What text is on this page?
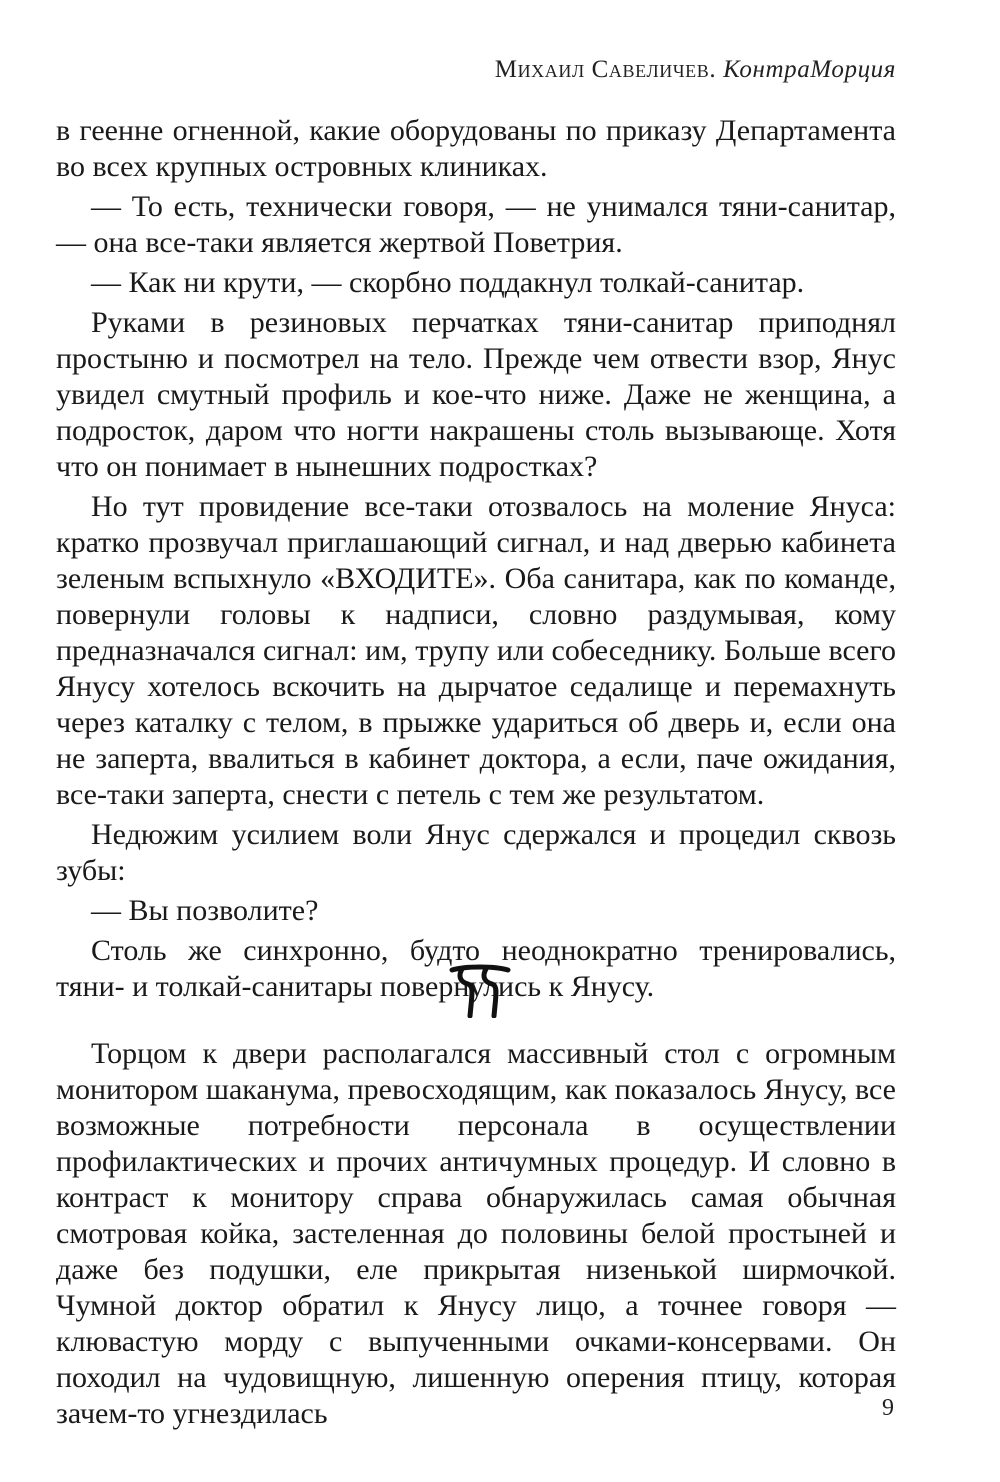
Михаил Савеличев. КонтраМорция

в геенне огненной, какие оборудованы по приказу Департамента во всех крупных островных клиниках.

— То есть, технически говоря, — не унимался тяни-санитар, — она все-таки является жертвой Поветрия.

— Как ни крути, — скорбно поддакнул толкай-санитар.

Руками в резиновых перчатках тяни-санитар приподнял простыню и посмотрел на тело. Прежде чем отвести взор, Янус увидел смутный профиль и кое-что ниже. Даже не женщина, а подросток, даром что ногти накрашены столь вызывающе. Хотя что он понимает в нынешних подростках?

Но тут провидение все-таки отозвалось на моление Януса: кратко прозвучал приглашающий сигнал, и над дверью кабинета зеленым вспыхнуло «ВХОДИТЕ». Оба санитара, как по команде, повернули головы к надписи, словно раздумывая, кому предназначался сигнал: им, трупу или собеседнику. Больше всего Янусу хотелось вскочить на дырчатое седалище и перемахнуть через каталку с телом, в прыжке удариться об дверь и, если она не заперта, ввалиться в кабинет доктора, а если, паче ожидания, все-таки заперта, снести с петель с тем же результатом.

Недюжим усилием воли Янус сдержался и процедил сквозь зубы:

— Вы позволите?

Столь же синхронно, будто неоднократно тренировались, тяни- и толкай-санитары повернулись к Янусу.

Торцом к двери располагался массивный стол с огромным монитором шаканума, превосходящим, как показалось Янусу, все возможные потребности персонала в осуществлении профилактических и прочих античумных процедур. И словно в контраст к монитору справа обнаружилась самая обычная смотровая койка, застеленная до половины белой простыней и даже без подушки, еле прикрытая низенькой ширмочкой. Чумной доктор обратил к Янусу лицо, а точнее говоря — клювастую морду с выпученными очками-консервами. Он походил на чудовищную, лишенную оперения птицу, которая зачем-то угнездилась	9
